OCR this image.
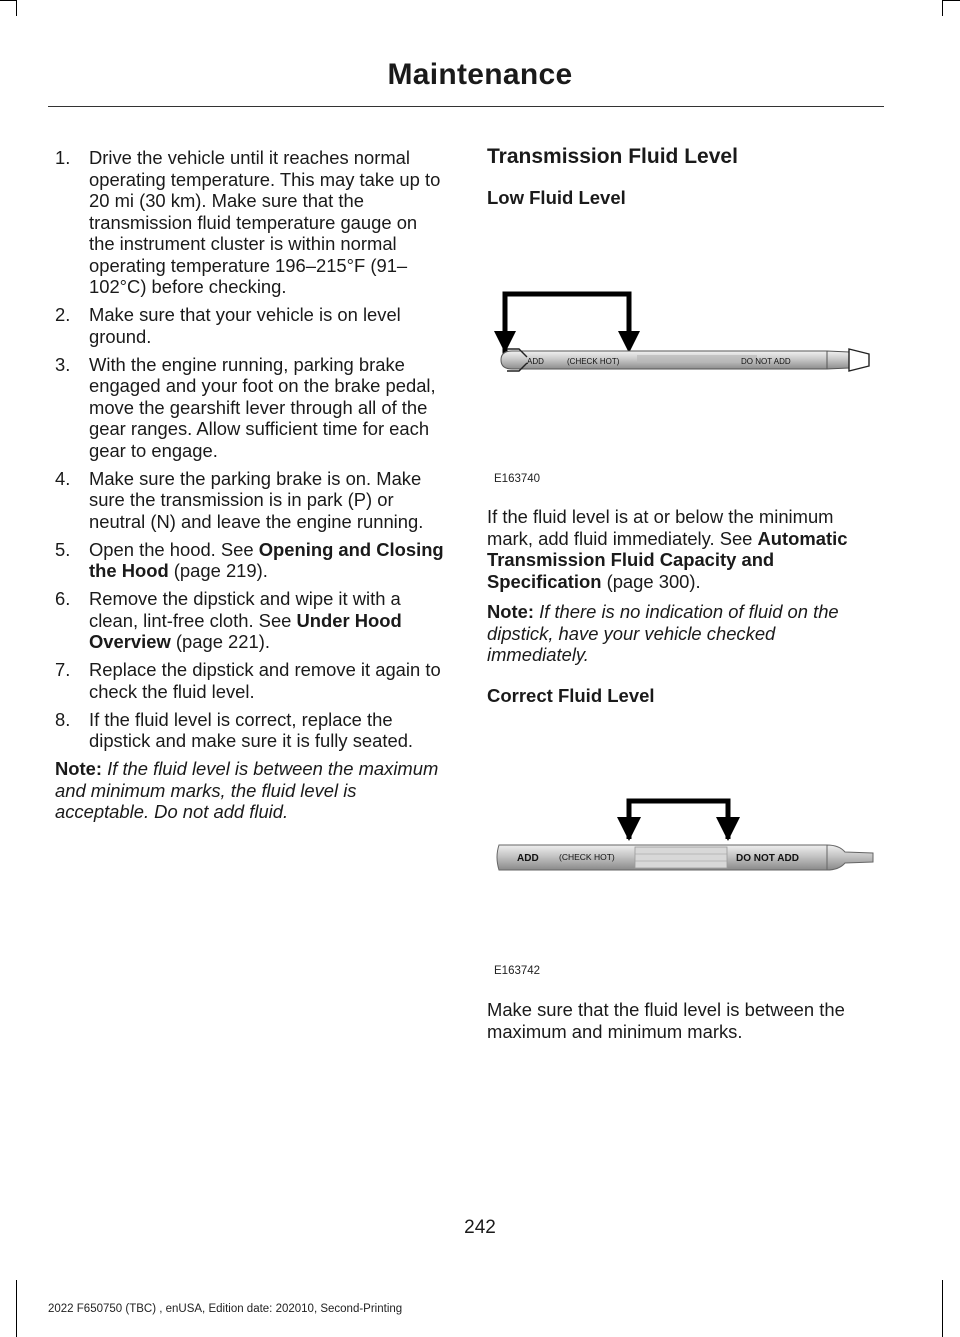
Maintenance
1. Drive the vehicle until it reaches normal operating temperature. This may take up to 20 mi (30 km). Make sure that the transmission fluid temperature gauge on the instrument cluster is within normal operating temperature 196–215°F (91–102°C) before checking.
2. Make sure that your vehicle is on level ground.
3. With the engine running, parking brake engaged and your foot on the brake pedal, move the gearshift lever through all of the gear ranges. Allow sufficient time for each gear to engage.
4. Make sure the parking brake is on. Make sure the transmission is in park (P) or neutral (N) and leave the engine running.
5. Open the hood. See Opening and Closing the Hood (page 219).
6. Remove the dipstick and wipe it with a clean, lint-free cloth. See Under Hood Overview (page 221).
7. Replace the dipstick and remove it again to check the fluid level.
8. If the fluid level is correct, replace the dipstick and make sure it is fully seated.

Note: If the fluid level is between the maximum and minimum marks, the fluid level is acceptable. Do not add fluid.

Transmission Fluid Level
Low Fluid Level
ADD	(CHECK HOT)	DO NOT ADD
E163740

If the fluid level is at or below the minimum mark, add fluid immediately. See Automatic Transmission Fluid Capacity and Specification (page 300).

Note: If there is no indication of fluid on the dipstick, have your vehicle checked immediately.

Correct Fluid Level
ADD (CHECK HOT)	DO NOT ADD
E163742

Make sure that the fluid level is between the maximum and minimum marks.

242
2022 F650750 (TBC) , enUSA, Edition date: 202010, Second-Printing
